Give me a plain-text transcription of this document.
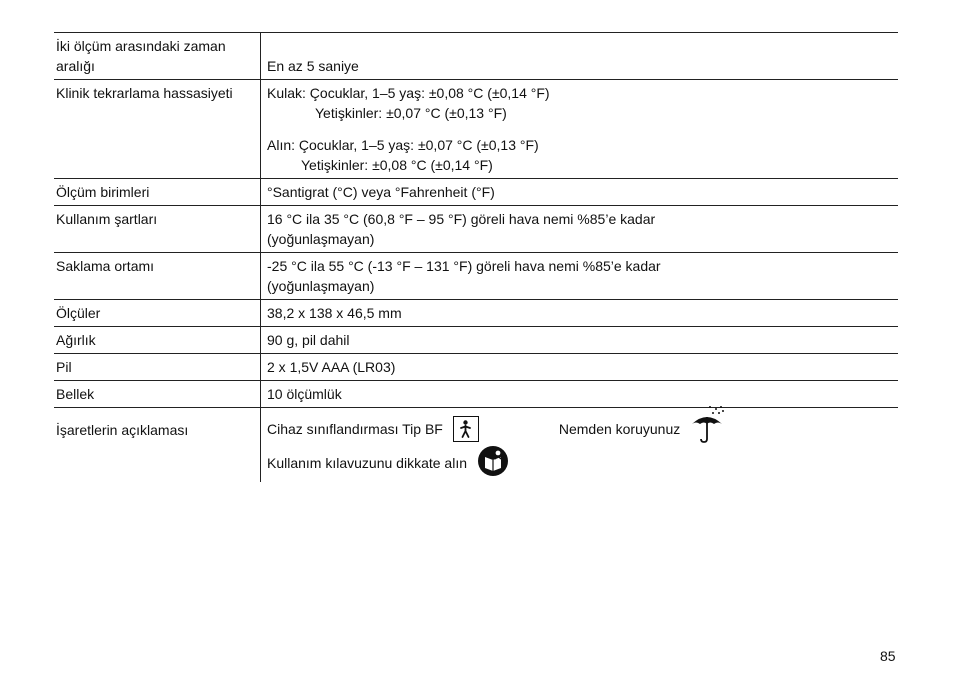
İki ölçüm arasındaki zaman
aralığı	En az 5 saniye

Klinik tekrarlama hassasiyeti	Kulak: Çocuklar, 1–5 yaş: ±0,08 °C (±0,14 °F)
Yetişkinler: ±0,07 °C (±0,13 °F)
Alın: Çocuklar, 1–5 yaş: ±0,07 °C (±0,13 °F)
Yetişkinler: ±0,08 °C (±0,14 °F)

Ölçüm birimleri	°Santigrat (°C) veya °Fahrenheit (°F)

Kullanım şartları	16 °C ila 35 °C (60,8 °F – 95 °F) göreli hava nemi %85’e kadar
(yoğunlaşmayan)

Saklama ortamı	-25 °C ila 55 °C (-13 °F – 131 °F) göreli hava nemi %85’e kadar
(yoğunlaşmayan)

Ölçüler	38,2 x 138 x 46,5 mm

Ağırlık	90 g, pil dahil

Pil	2 x 1,5V AAA (LR03)

Bellek	10 ölçümlük

İşaretlerin açıklaması	Cihaz sınıflandırması Tip BF Nemden koruyunuz
Kullanım kılavuzunu dikkate alın
85
